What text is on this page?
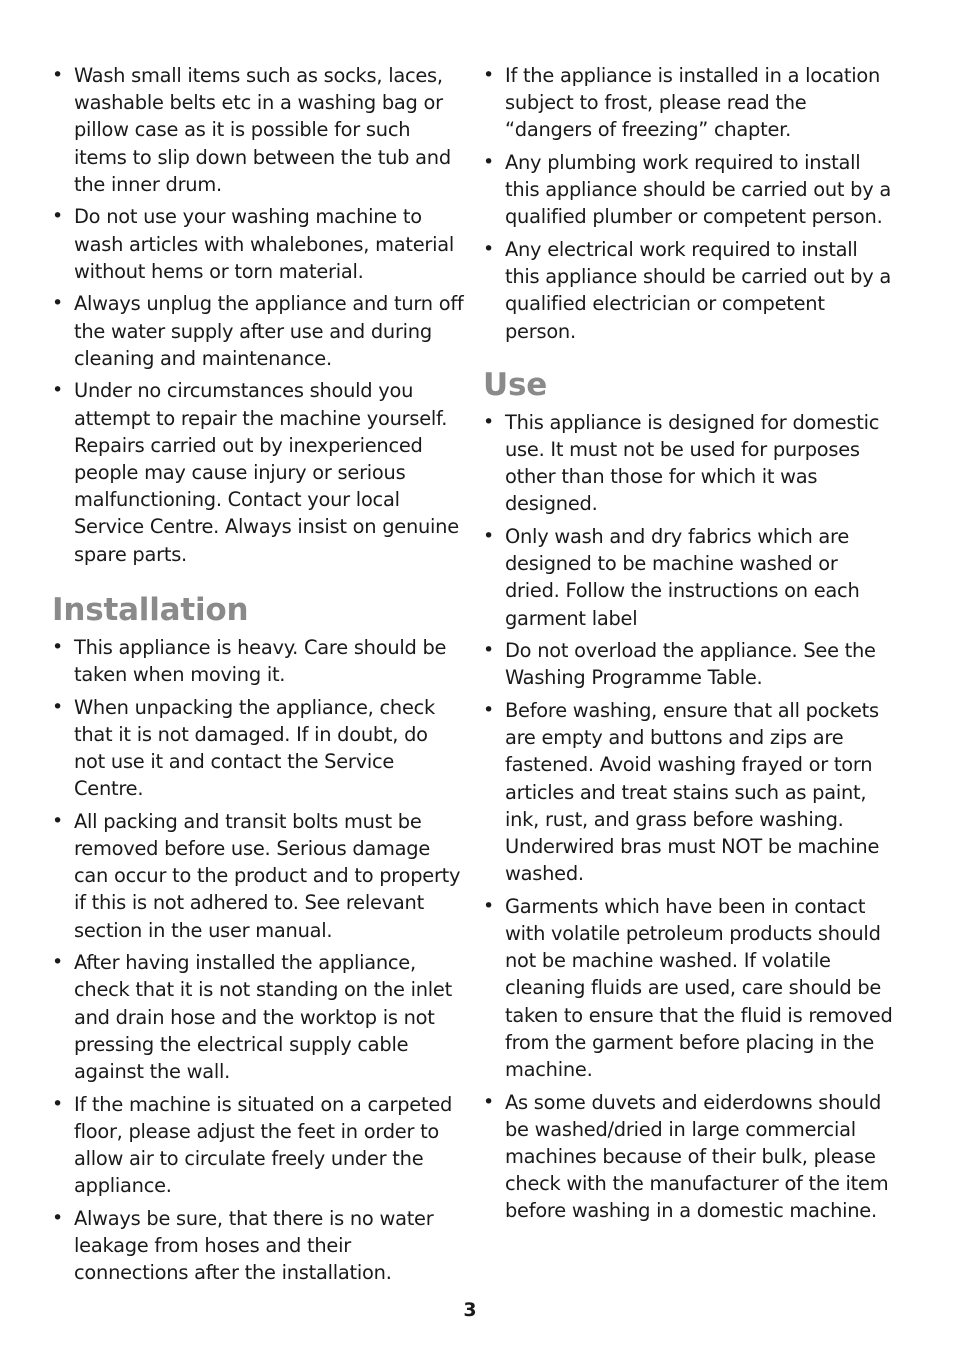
• Wash small items such as socks, laces, washable belts etc in a washing bag or pillow case as it is possible for such items to slip down between the tub and the inner drum.
• Do not use your washing machine to wash articles with whalebones, material without hems or torn material.
• Always unplug the appliance and turn off the water supply after use and during cleaning and maintenance.
• Under no circumstances should you attempt to repair the machine yourself. Repairs carried out by inexperienced people may cause injury or serious malfunctioning. Contact your local Service Centre. Always insist on genuine spare parts.
Installation
• This appliance is heavy. Care should be taken when moving it.
• When unpacking the appliance, check that it is not damaged. If in doubt, do not use it and contact the Service Centre.
• All packing and transit bolts must be removed before use. Serious damage can occur to the product and to property if this is not adhered to. See relevant section in the user manual.
• After having installed the appliance, check that it is not standing on the inlet and drain hose and the worktop is not pressing the electrical supply cable against the wall.
• If the machine is situated on a carpeted floor, please adjust the feet in order to allow air to circulate freely under the appliance.
• Always be sure, that there is no water leakage from hoses and their connections after the installation.
• If the appliance is installed in a location subject to frost, please read the “dangers of freezing” chapter.
• Any plumbing work required to install this appliance should be carried out by a qualified plumber or competent person.
• Any electrical work required to install this appliance should be carried out by a qualified electrician or competent person.
Use
• This appliance is designed for domestic use. It must not be used for purposes other than those for which it was designed.
• Only wash and dry fabrics which are designed to be machine washed or dried. Follow the instructions on each garment label
• Do not overload the appliance. See the Washing Programme Table.
• Before washing, ensure that all pockets are empty and buttons and zips are fastened. Avoid washing frayed or torn articles and treat stains such as paint, ink, rust, and grass before washing. Underwired bras must NOT be machine washed.
• Garments which have been in contact with volatile petroleum products should not be machine washed. If volatile cleaning fluids are used, care should be taken to ensure that the fluid is removed from the garment before placing in the machine.
• As some duvets and eiderdowns should be washed/dried in large commercial machines because of their bulk, please check with the manufacturer of the item before washing in a domestic machine.
3
